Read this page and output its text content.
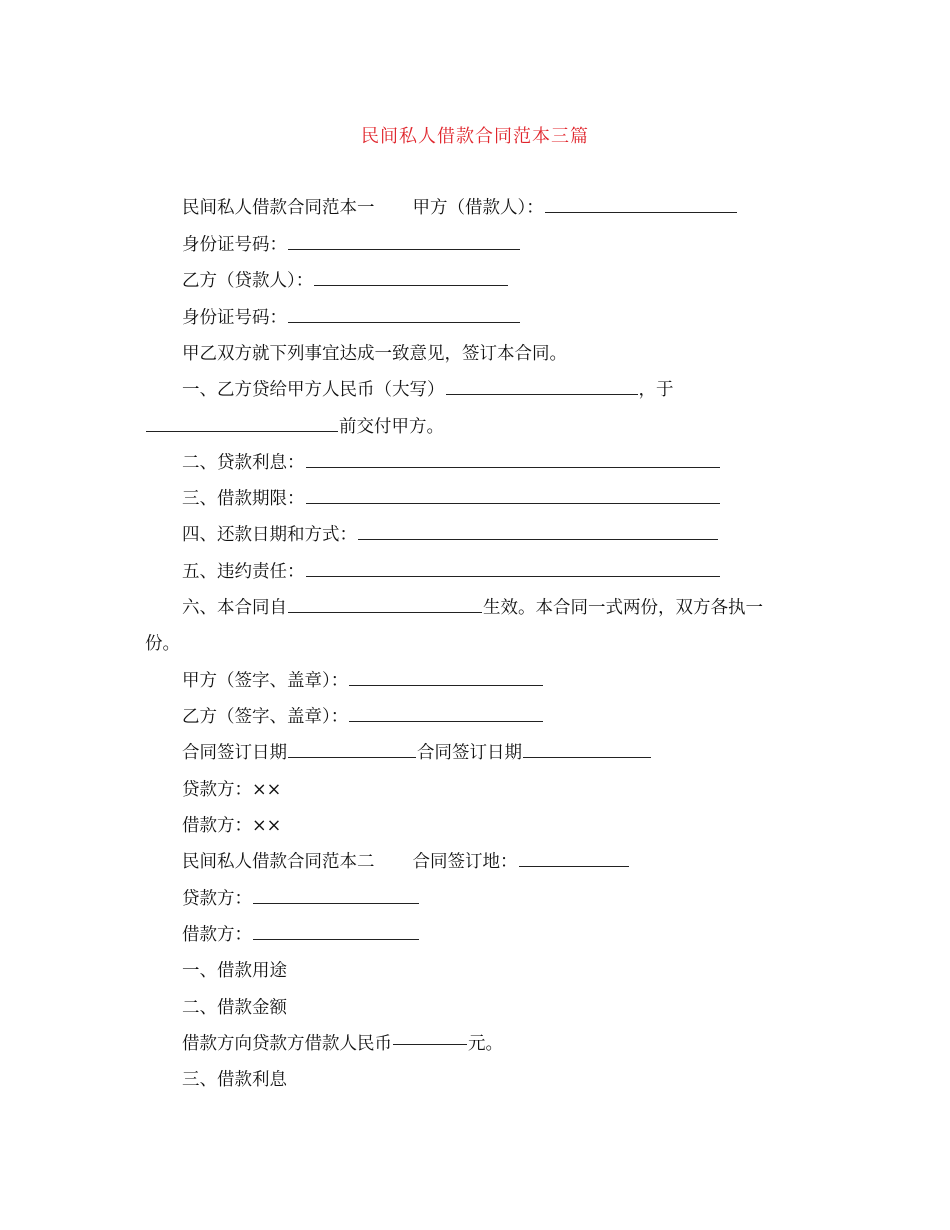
民间私人借款合同范本三篇
民间私人借款合同范本一 甲方（借款人）：
身份证号码：
乙方（贷款人）：
身份证号码：
甲乙双方就下列事宜达成一致意见，签订本合同。
一、乙方贷给甲方人民币（大写）	，于
前交付甲方。
二、贷款利息：
三、借款期限：
四、还款日期和方式：
五、违约责任：
六、本合同自	生效。本合同一式两份，双方各执一
份。
甲方（签字、盖章）：
乙方（签字、盖章）：
合同签订日期	合同签订日期
贷款方：××
借款方：××
民间私人借款合同范本二 合同签订地：
贷款方：
借款方：
一、借款用途
二、借款金额
借款方向贷款方借款人民币	元。
三、借款利息
